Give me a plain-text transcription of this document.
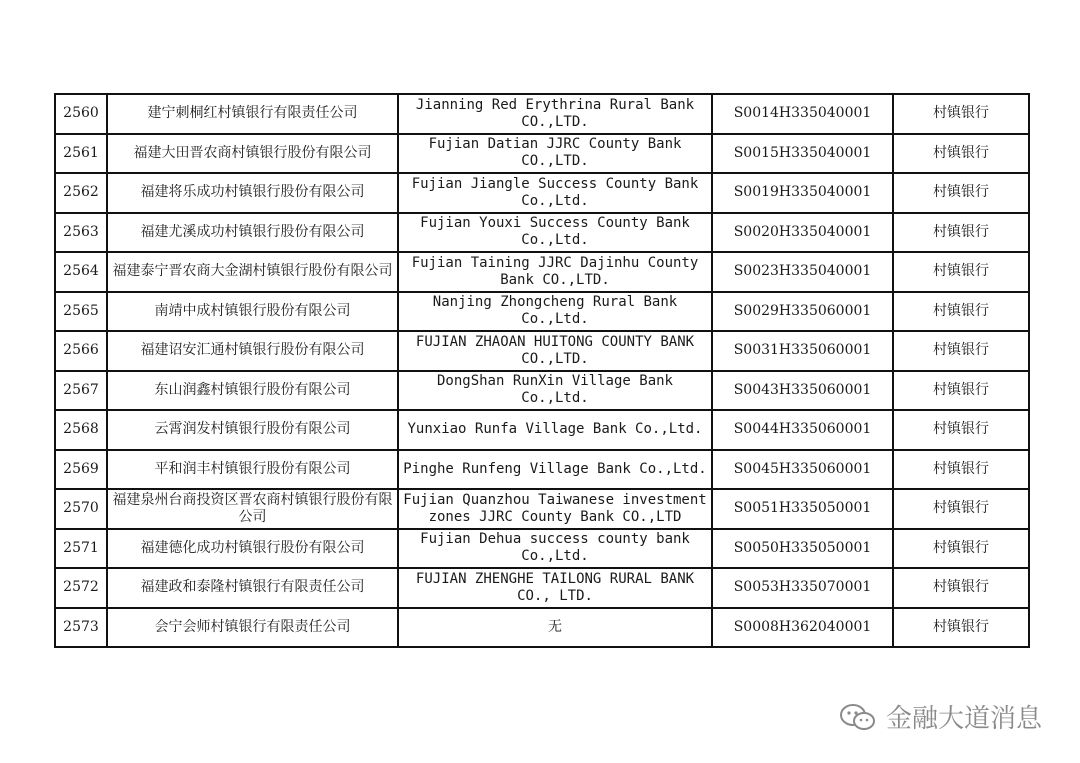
2560	建宁刺桐红村镇银行有限责任公司	Jianning Red Erythrina Rural Bank CO.,LTD.	S0014H335040001	村镇银行
2561	福建大田晋农商村镇银行股份有限公司	Fujian Datian JJRC County Bank CO.,LTD.	S0015H335040001	村镇银行
2562	福建将乐成功村镇银行股份有限公司	Fujian Jiangle Success County Bank Co.,Ltd.	S0019H335040001	村镇银行
2563	福建尤溪成功村镇银行股份有限公司	Fujian Youxi Success County Bank Co.,Ltd.	S0020H335040001	村镇银行
2564	福建泰宁晋农商大金湖村镇银行股份有限公司	Fujian Taining JJRC Dajinhu County Bank CO.,LTD.	S0023H335040001	村镇银行
2565	南靖中成村镇银行股份有限公司	Nanjing Zhongcheng Rural Bank Co.,Ltd.	S0029H335060001	村镇银行
2566	福建诏安汇通村镇银行股份有限公司	FUJIAN ZHAOAN HUITONG COUNTY BANK CO.,LTD.	S0031H335060001	村镇银行
2567	东山润鑫村镇银行股份有限公司	DongShan RunXin Village Bank Co.,Ltd.	S0043H335060001	村镇银行
2568	云霄润发村镇银行股份有限公司	Yunxiao Runfa Village Bank Co.,Ltd.	S0044H335060001	村镇银行
2569	平和润丰村镇银行股份有限公司	Pinghe Runfeng Village Bank Co.,Ltd.	S0045H335060001	村镇银行
2570	福建泉州台商投资区晋农商村镇银行股份有限公司	Fujian Quanzhou Taiwanese investment zones JJRC County Bank CO.,LTD	S0051H335050001	村镇银行
2571	福建德化成功村镇银行股份有限公司	Fujian Dehua success county bank Co.,Ltd.	S0050H335050001	村镇银行
2572	福建政和泰隆村镇银行有限责任公司	FUJIAN ZHENGHE TAILONG RURAL BANK CO., LTD.	S0053H335070001	村镇银行
2573	会宁会师村镇银行有限责任公司	无	S0008H362040001	村镇银行
金融大道消息
